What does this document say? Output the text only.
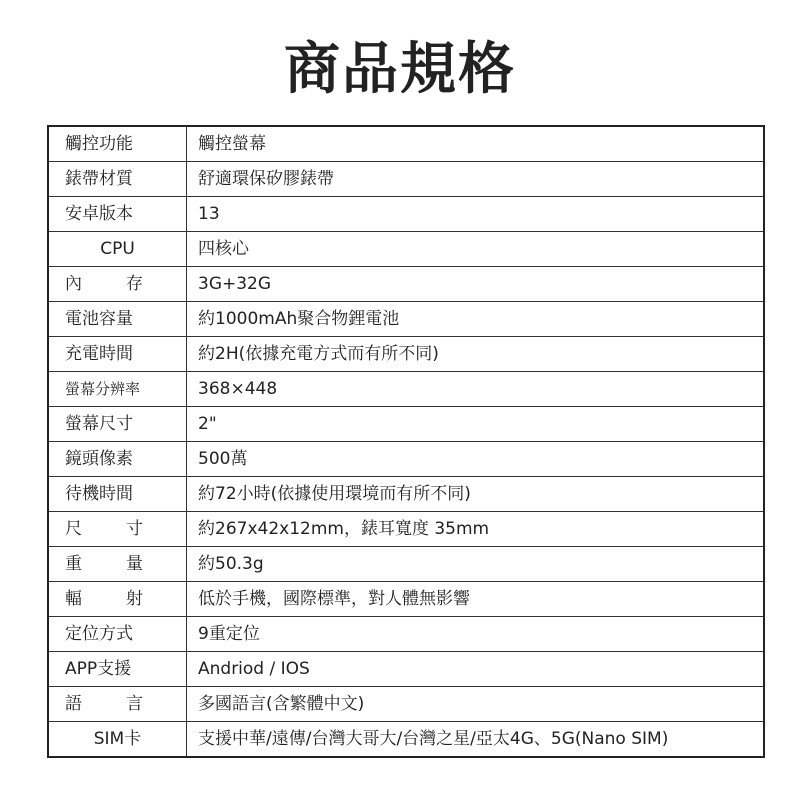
商品規格
觸控功能	觸控螢幕
錶帶材質	舒適環保矽膠錶帶
安卓版本	13
CPU	四核心

內 存	3G+32G
電池容量	約1000mAh聚合物鋰電池
充電時間	約2H(依據充電方式而有所不同)
螢幕分辨率	368×448
螢幕尺寸	2"
鏡頭像素	500萬
待機時間	約72小時(依據使用環境而有所不同)

尺 寸	約267x42x12mm，錶耳寬度 35mm

重 量	約50.3g

輻 射	低於手機，國際標準，對人體無影響
定位方式	9重定位
APP支援	Andriod / IOS

語 言	多國語言(含繁體中文)
SIM卡	支援中華/遠傳/台灣大哥大/台灣之星/亞太4G、5G(Nano SIM)
